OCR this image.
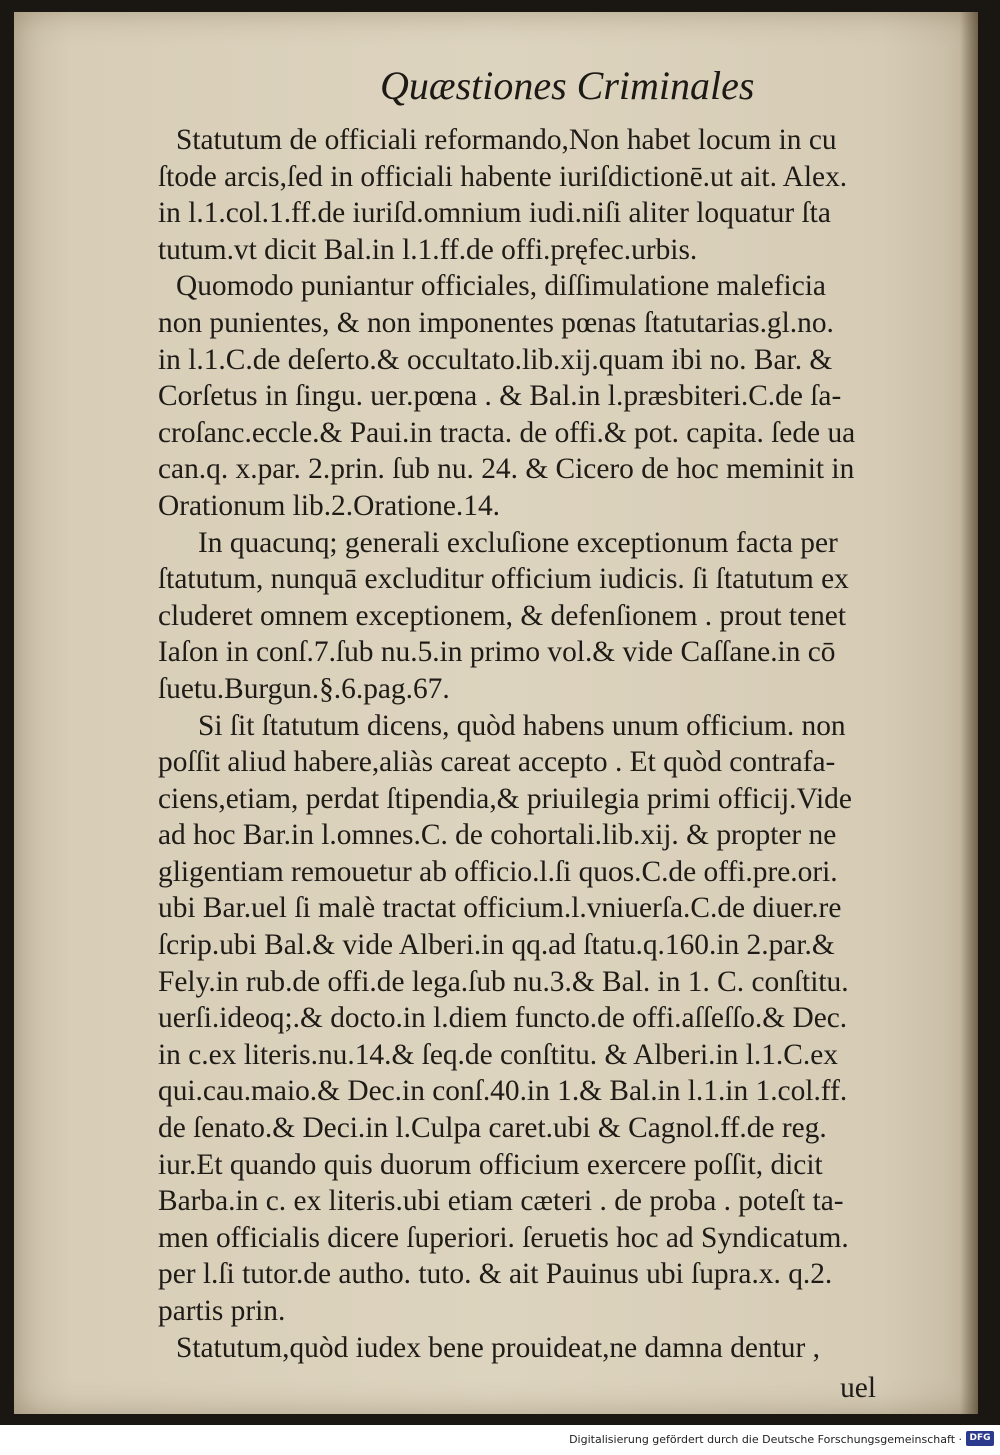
Quæstiones Criminales
Statutum de officiali reformando,Non habet locum in cu
ſtode arcis,ſed in officiali habente iuriſdictionē.ut ait. Alex.
in l.1.col.1.ff.de iuriſd.omnium iudi.niſi aliter loquatur ſta
tutum.vt dicit Bal.in l.1.ff.de offi.pręfec.urbis.
Quomodo puniantur officiales, diſſimulatione maleficia
non punientes, & non imponentes pœnas ſtatutarias.gl.no.
in l.1.C.de deſerto.& occultato.lib.xij.quam ibi no. Bar. &
Corſetus in ſingu. uer.pœna . & Bal.in l.præsbiteri.C.de ſa-
croſanc.eccle.& Paui.in tracta. de offi.& pot. capita. ſede ua
can.q. x.par. 2.prin. ſub nu. 24. & Cicero de hoc meminit in
Orationum lib.2.Oratione.14.
In quacunq; generali excluſione exceptionum facta per
ſtatutum, nunquā excluditur officium iudicis. ſi ſtatutum ex
cluderet omnem exceptionem, & defenſionem . prout tenet
Iaſon in conſ.7.ſub nu.5.in primo vol.& vide Caſſane.in cō
ſuetu.Burgun.§.6.pag.67.
Si ſit ſtatutum dicens, quòd habens unum officium. non
poſſit aliud habere,aliàs careat accepto . Et quòd contrafa-
ciens,etiam, perdat ſtipendia,& priuilegia primi officij.Vide
ad hoc Bar.in l.omnes.C. de cohortali.lib.xij. & propter ne
gligentiam remouetur ab officio.l.ſi quos.C.de offi.pre.ori.
ubi Bar.uel ſi malè tractat officium.l.vniuerſa.C.de diuer.re
ſcrip.ubi Bal.& vide Alberi.in qq.ad ſtatu.q.160.in 2.par.&
Fely.in rub.de offi.de lega.ſub nu.3.& Bal. in 1. C. conſtitu.
uerſi.ideoq;.& docto.in l.diem functo.de offi.aſſeſſo.& Dec.
in c.ex literis.nu.14.& ſeq.de conſtitu. & Alberi.in l.1.C.ex
qui.cau.maio.& Dec.in conſ.40.in 1.& Bal.in l.1.in 1.col.ff.
de ſenato.& Deci.in l.Culpa caret.ubi & Cagnol.ff.de reg.
iur.Et quando quis duorum officium exercere poſſit, dicit
Barba.in c. ex literis.ubi etiam cæteri . de proba . poteſt ta-
men officialis dicere ſuperiori. ſeruetis hoc ad Syndicatum.
per l.ſi tutor.de autho. tuto. & ait Pauinus ubi ſupra.x. q.2.
partis prin.
Statutum,quòd iudex bene prouideat,ne damna dentur ,
uel
Digitalisierung gefördert durch die Deutsche Forschungsgemeinschaft · DFG
